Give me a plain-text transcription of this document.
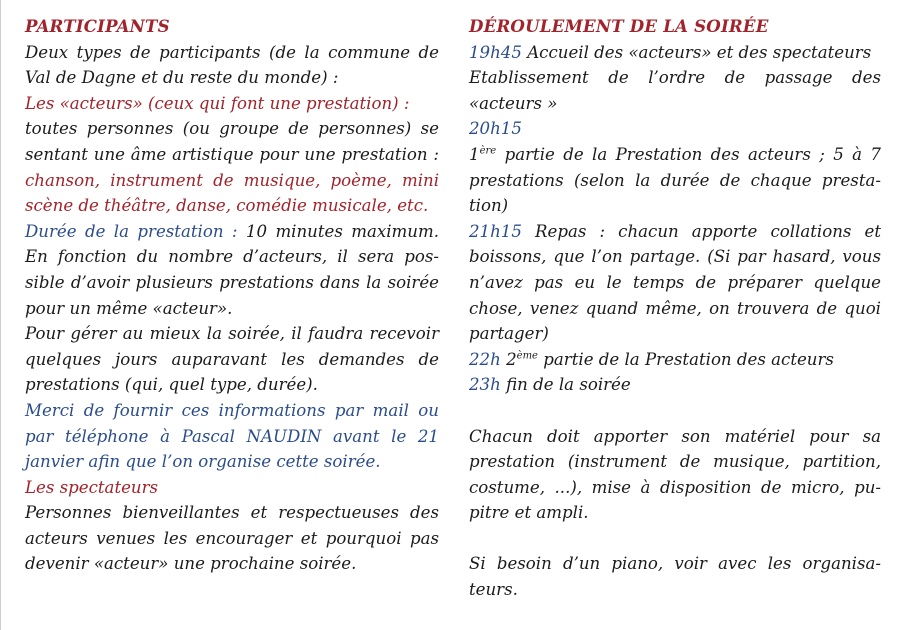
PARTICIPANTS

Deux types de participants (de la commune de Val de Dagne et du reste du monde) :

Les «acteurs» (ceux qui font une prestation) :

toutes personnes (ou groupe de personnes) se sentant une âme artistique pour une prestation : chanson, instrument de musique, poème, mini scène de théâtre, danse, comédie musicale, etc.

Durée de la prestation : 10 minutes maximum. En fonction du nombre d’acteurs, il sera possible d’avoir plusieurs prestations dans la soirée pour un même «acteur».

Pour gérer au mieux la soirée, il faudra recevoir quelques jours auparavant les demandes de prestations (qui, quel type, durée).

Merci de fournir ces informations par mail ou par téléphone à Pascal NAUDIN avant le 21 janvier afin que l’on organise cette soirée.

Les spectateurs

Personnes bienveillantes et respectueuses des acteurs venues les encourager et pourquoi pas devenir «acteur» une prochaine soirée.

DÉROULEMENT DE LA SOIRÉE

19h45 Accueil des «acteurs» et des spectateurs

Etablissement de l’ordre de passage des «acteurs »

20h15

1ère partie de la Prestation des acteurs ; 5 à 7 prestations (selon la durée de chaque prestation)

21h15 Repas : chacun apporte collations et boissons, que l’on partage. (Si par hasard, vous n’avez pas eu le temps de préparer quelque chose, venez quand même, on trouvera de quoi partager)

22h 2ème partie de la Prestation des acteurs

23h fin de la soirée

Chacun doit apporter son matériel pour sa prestation (instrument de musique, partition, costume, ...), mise à disposition de micro, pupitre et ampli.

Si besoin d’un piano, voir avec les organisateurs.
